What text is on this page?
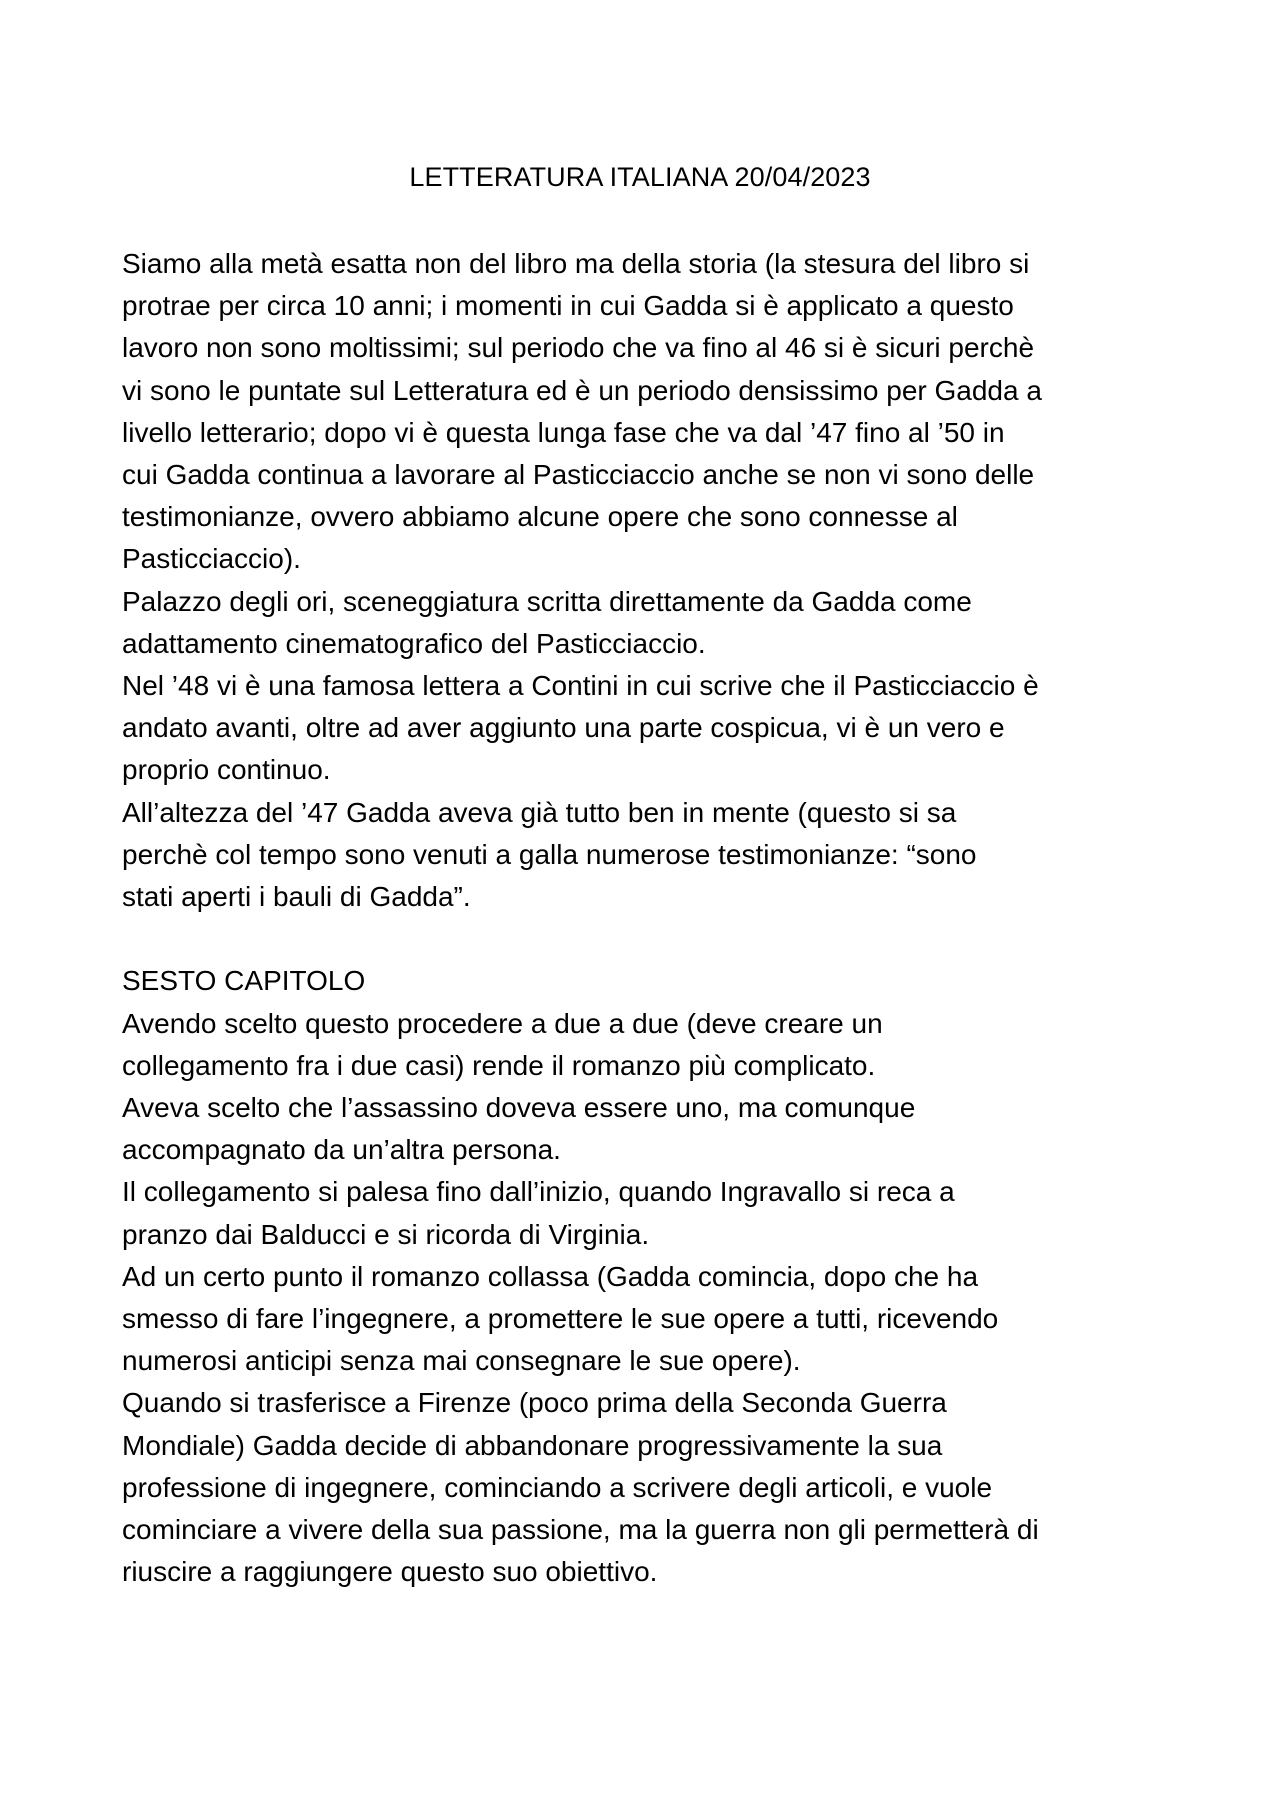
LETTERATURA ITALIANA 20/04/2023

Siamo alla metà esatta non del libro ma della storia (la stesura del libro si
protrae per circa 10 anni; i momenti in cui Gadda si è applicato a questo
lavoro non sono moltissimi; sul periodo che va fino al 46 si è sicuri perchè
vi sono le puntate sul Letteratura ed è un periodo densissimo per Gadda a
livello letterario; dopo vi è questa lunga fase che va dal ’47 fino al ’50 in
cui Gadda continua a lavorare al Pasticciaccio anche se non vi sono delle
testimonianze, ovvero abbiamo alcune opere che sono connesse al
Pasticciaccio).

Palazzo degli ori, sceneggiatura scritta direttamente da Gadda come
adattamento cinematografico del Pasticciaccio.

Nel ’48 vi è una famosa lettera a Contini in cui scrive che il Pasticciaccio è
andato avanti, oltre ad aver aggiunto una parte cospicua, vi è un vero e
proprio continuo.

All’altezza del ’47 Gadda aveva già tutto ben in mente (questo si sa
perchè col tempo sono venuti a galla numerose testimonianze: “sono
stati aperti i bauli di Gadda”.

SESTO CAPITOLO

Avendo scelto questo procedere a due a due (deve creare un
collegamento fra i due casi) rende il romanzo più complicato.

Aveva scelto che l’assassino doveva essere uno, ma comunque
accompagnato da un’altra persona.

Il collegamento si palesa fino dall’inizio, quando Ingravallo si reca a
pranzo dai Balducci e si ricorda di Virginia.

Ad un certo punto il romanzo collassa (Gadda comincia, dopo che ha
smesso di fare l’ingegnere, a promettere le sue opere a tutti, ricevendo
numerosi anticipi senza mai consegnare le sue opere).

Quando si trasferisce a Firenze (poco prima della Seconda Guerra
Mondiale) Gadda decide di abbandonare progressivamente la sua
professione di ingegnere, cominciando a scrivere degli articoli, e vuole
cominciare a vivere della sua passione, ma la guerra non gli permetterà di
riuscire a raggiungere questo suo obiettivo.
